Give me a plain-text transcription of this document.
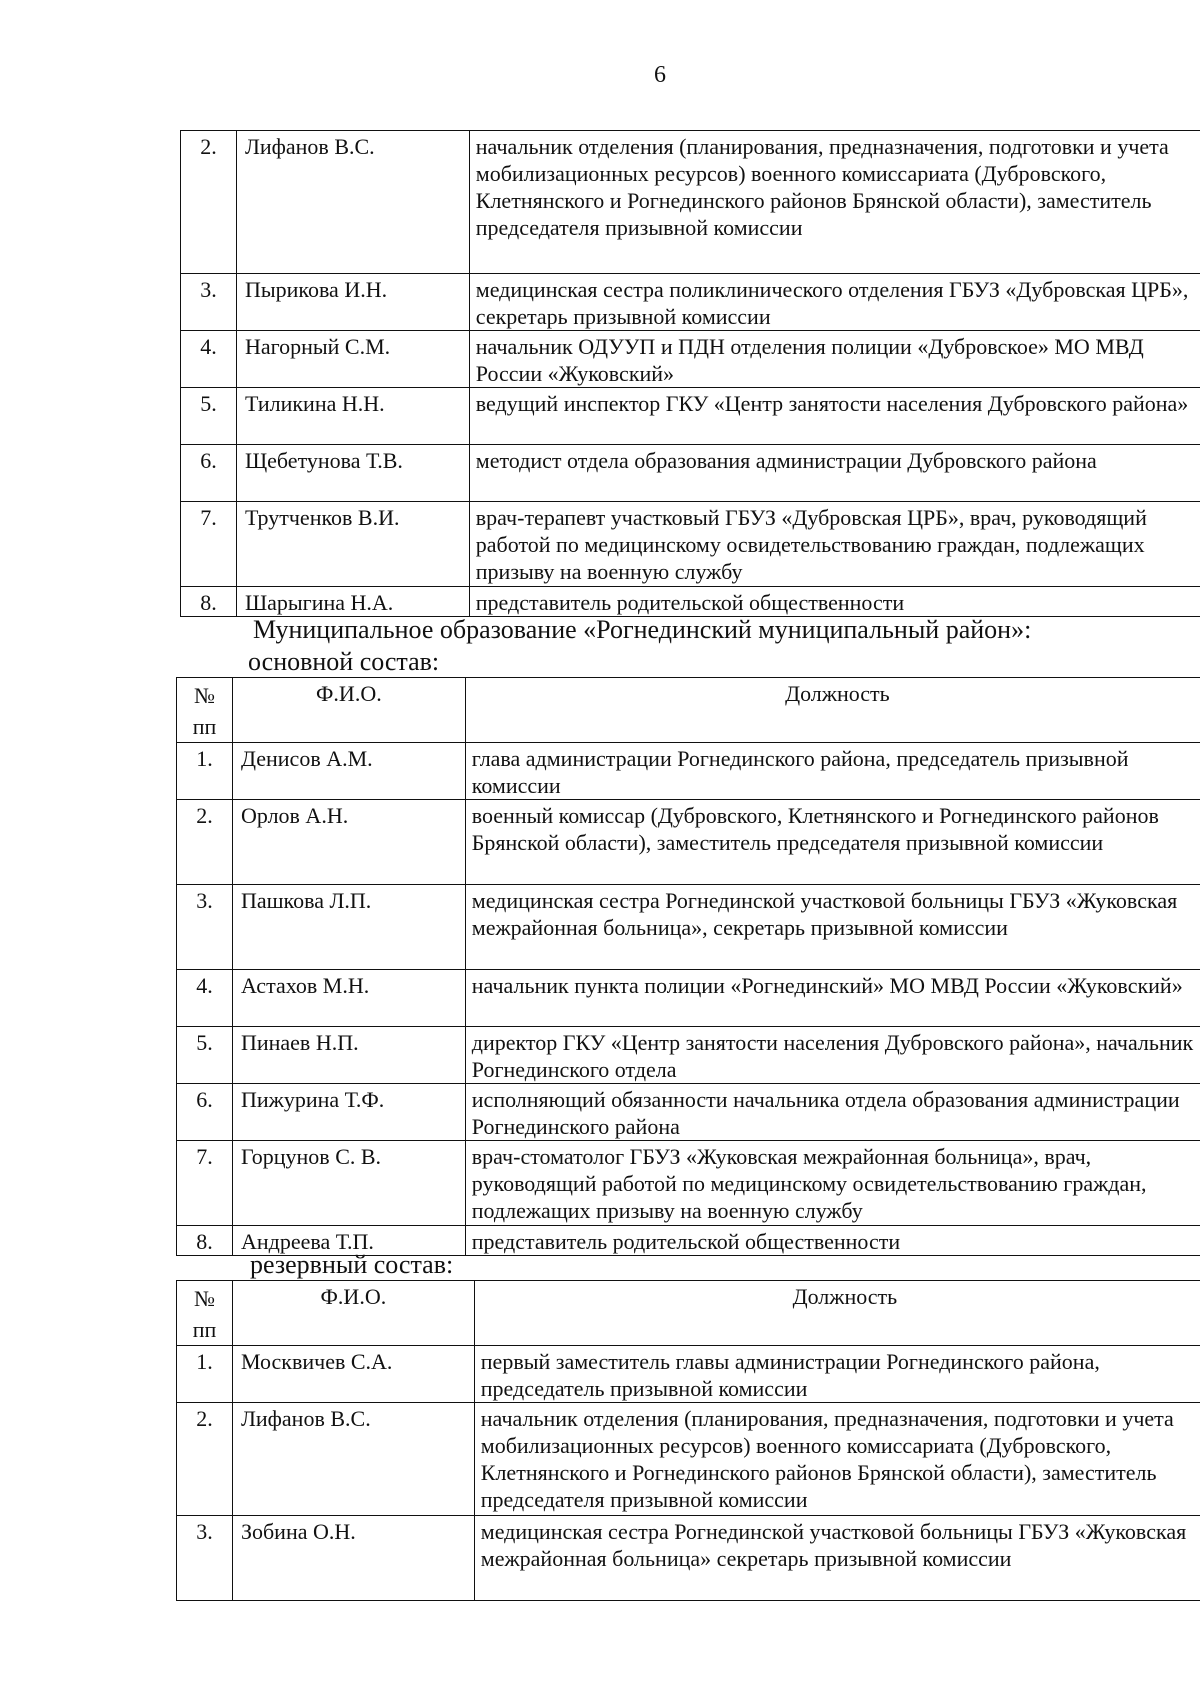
6
2.	Лифанов В.С.	начальник отделения (планирования, предназначения, подготовки и учета мобилизационных ресурсов) военного комиссариата (Дубровского, Клетнянского и Рогнединского районов Брянской области), заместитель председателя призывной комиссии
3.	Пырикова И.Н.	медицинская сестра поликлинического отделения ГБУЗ «Дубровская ЦРБ», секретарь призывной комиссии
4.	Нагорный С.М.	начальник ОДУУП и ПДН отделения полиции «Дубровское» МО МВД России «Жуковский»
5.	Тиликина Н.Н.	ведущий инспектор ГКУ «Центр занятости населения Дубровского района»
6.	Щебетунова Т.В.	методист отдела образования администрации Дубровского района
7.	Трутченков В.И.	врач-терапевт участковый ГБУЗ «Дубровская ЦРБ», врач, руководящий работой по медицинскому освидетельствованию граждан, подлежащих призыву на военную службу
8.	Шарыгина Н.А.	представитель родительской общественности
Муниципальное образование «Рогнединский муниципальный район»:
основной состав:
№ пп	Ф.И.О.	Должность
1.	Денисов А.М.	глава администрации Рогнединского района, председатель призывной комиссии
2.	Орлов А.Н.	военный комиссар (Дубровского, Клетнянского и Рогнединского районов Брянской области), заместитель председателя призывной комиссии
3.	Пашкова Л.П.	медицинская сестра Рогнединской участковой больницы ГБУЗ «Жуковская межрайонная больница», секретарь призывной комиссии
4.	Астахов М.Н.	начальник пункта полиции «Рогнединский» МО МВД России «Жуковский»
5.	Пинаев Н.П.	директор ГКУ «Центр занятости населения Дубровского района», начальник Рогнединского отдела
6.	Пижурина Т.Ф.	исполняющий обязанности начальника отдела образования администрации Рогнединского района
7.	Горцунов С. В.	врач-стоматолог ГБУЗ «Жуковская межрайонная больница», врач, руководящий работой по медицинскому освидетельствованию граждан, подлежащих призыву на военную службу
8.	Андреева Т.П.	представитель родительской общественности
резервный состав:
№ пп	Ф.И.О.	Должность
1.	Москвичев С.А.	первый заместитель главы администрации Рогнединского района, председатель призывной комиссии
2.	Лифанов В.С.	начальник отделения (планирования, предназначения, подготовки и учета мобилизационных ресурсов) военного комиссариата (Дубровского, Клетнянского и Рогнединского районов Брянской области), заместитель председателя призывной комиссии
3.	Зобина О.Н.	медицинская сестра Рогнединской участковой больницы ГБУЗ «Жуковская межрайонная больница» секретарь призывной комиссии
